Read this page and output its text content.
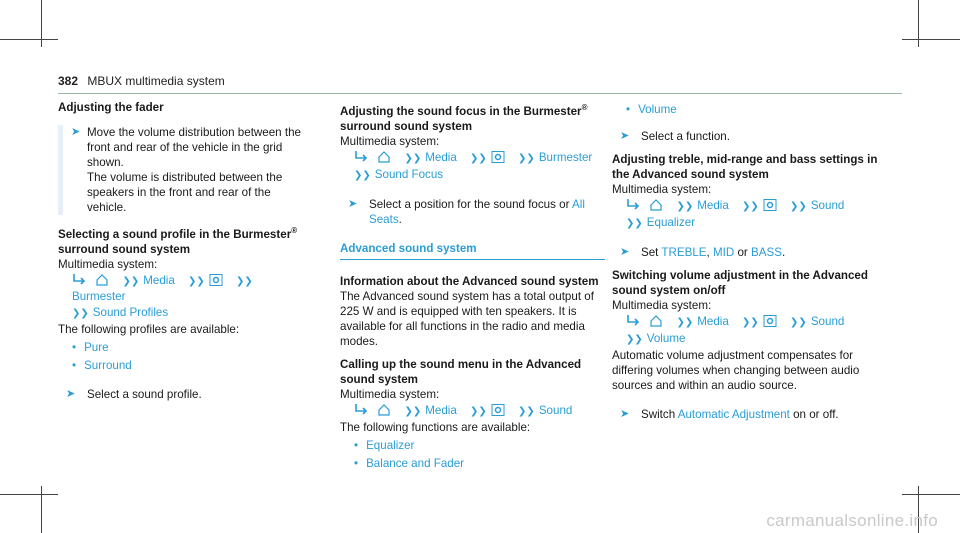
382 MBUX multimedia system

Adjusting the fader

➤ Move the volume distribution between the front and rear of the vehicle in the grid shown.

The volume is distributed between the speakers in the front and rear of the vehicle.

Selecting a sound profile in the Burmester®

surround sound system

Multimedia system:

❯❯ Media ❯❯	❯❯Burmester

❯❯ Sound Profiles

The following profiles are available:

• Pure

• Surround

➤ Select a sound profile.

Adjusting the sound focus in the Burmester®

surround sound system

Multimedia system:

❯❯ Media ❯❯	❯❯ Burmester

❯❯ Sound Focus

➤ Select a position for the sound focus or All
Seats.

Advanced sound system

Information about the Advanced sound system

The Advanced sound system has a total output of 225 W and is equipped with ten speakers. It is available for all functions in the radio and media modes.

Calling up the sound menu in the Advanced sound system

Multimedia system:

❯❯ Media ❯❯	❯❯ Sound

The following functions are available:

• Equalizer

• Balance and Fader

• Volume

➤ Select a function.

Adjusting treble, mid-range and bass settings in the Advanced sound system

Multimedia system:

❯❯ Media ❯❯	❯❯ Sound

❯❯ Equalizer

➤ Set TREBLE, MID or BASS.

Switching volume adjustment in the Advanced sound system on/off

Multimedia system:

❯❯ Media ❯❯	❯❯ Sound

❯❯ Volume

Automatic volume adjustment compensates for differing volumes when changing between audio sources and within an audio source.

➤ Switch Automatic Adjustment on or off.

carmanualsonline.info
